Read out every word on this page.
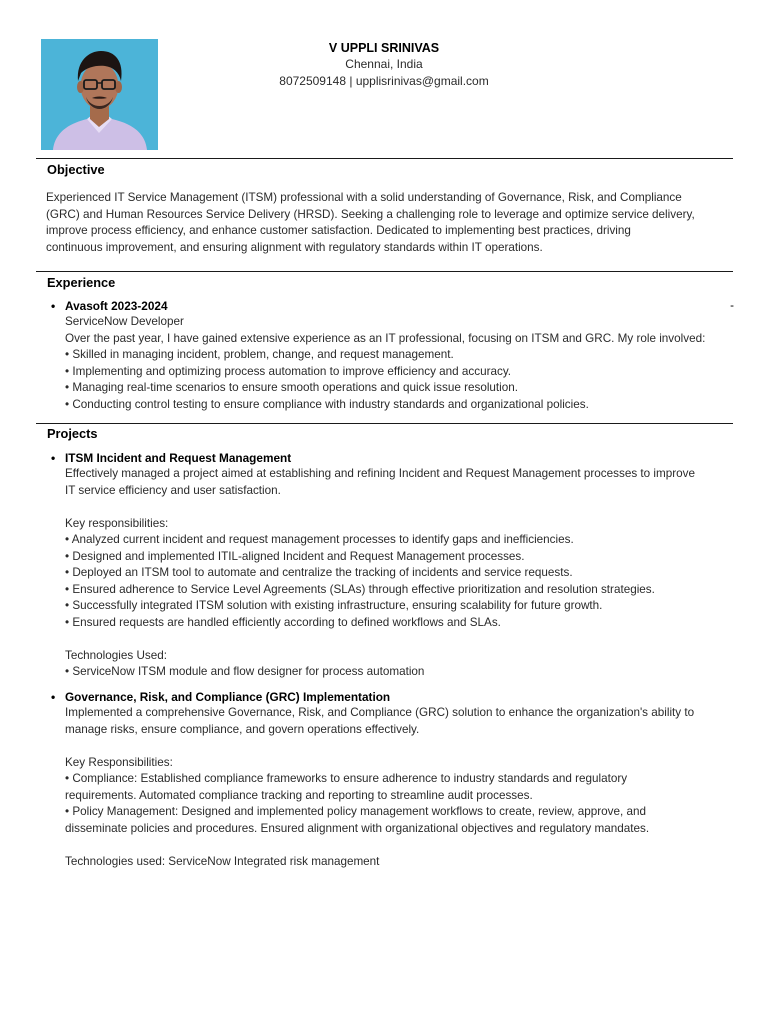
V UPPLI SRINIVAS
Chennai, India
8072509148 | upplisrinivas@gmail.com
Objective
Experienced IT Service Management (ITSM) professional with a solid understanding of Governance, Risk, and Compliance
(GRC) and Human Resources Service Delivery (HRSD). Seeking a challenging role to leverage and optimize service delivery,
improve process efficiency, and enhance customer satisfaction. Dedicated to implementing best practices, driving
continuous improvement, and ensuring alignment with regulatory standards within IT operations.
Experience
• Avasoft 2023-2024	-
ServiceNow Developer
Over the past year, I have gained extensive experience as an IT professional, focusing on ITSM and GRC. My role involved:
• Skilled in managing incident, problem, change, and request management.
• Implementing and optimizing process automation to improve efficiency and accuracy.
• Managing real-time scenarios to ensure smooth operations and quick issue resolution.
• Conducting control testing to ensure compliance with industry standards and organizational policies.
Projects
• ITSM Incident and Request Management
Effectively managed a project aimed at establishing and refining Incident and Request Management processes to improve
IT service efficiency and user satisfaction.
Key responsibilities:
• Analyzed current incident and request management processes to identify gaps and inefficiencies.
• Designed and implemented ITIL-aligned Incident and Request Management processes.
• Deployed an ITSM tool to automate and centralize the tracking of incidents and service requests.
• Ensured adherence to Service Level Agreements (SLAs) through effective prioritization and resolution strategies.
• Successfully integrated ITSM solution with existing infrastructure, ensuring scalability for future growth.
• Ensured requests are handled efficiently according to defined workflows and SLAs.
Technologies Used:
• ServiceNow ITSM module and flow designer for process automation
• Governance, Risk, and Compliance (GRC) Implementation
Implemented a comprehensive Governance, Risk, and Compliance (GRC) solution to enhance the organization's ability to
manage risks, ensure compliance, and govern operations effectively.
Key Responsibilities:
• Compliance: Established compliance frameworks to ensure adherence to industry standards and regulatory
requirements. Automated compliance tracking and reporting to streamline audit processes.
• Policy Management: Designed and implemented policy management workflows to create, review, approve, and
disseminate policies and procedures. Ensured alignment with organizational objectives and regulatory mandates.
Technologies used: ServiceNow Integrated risk management
